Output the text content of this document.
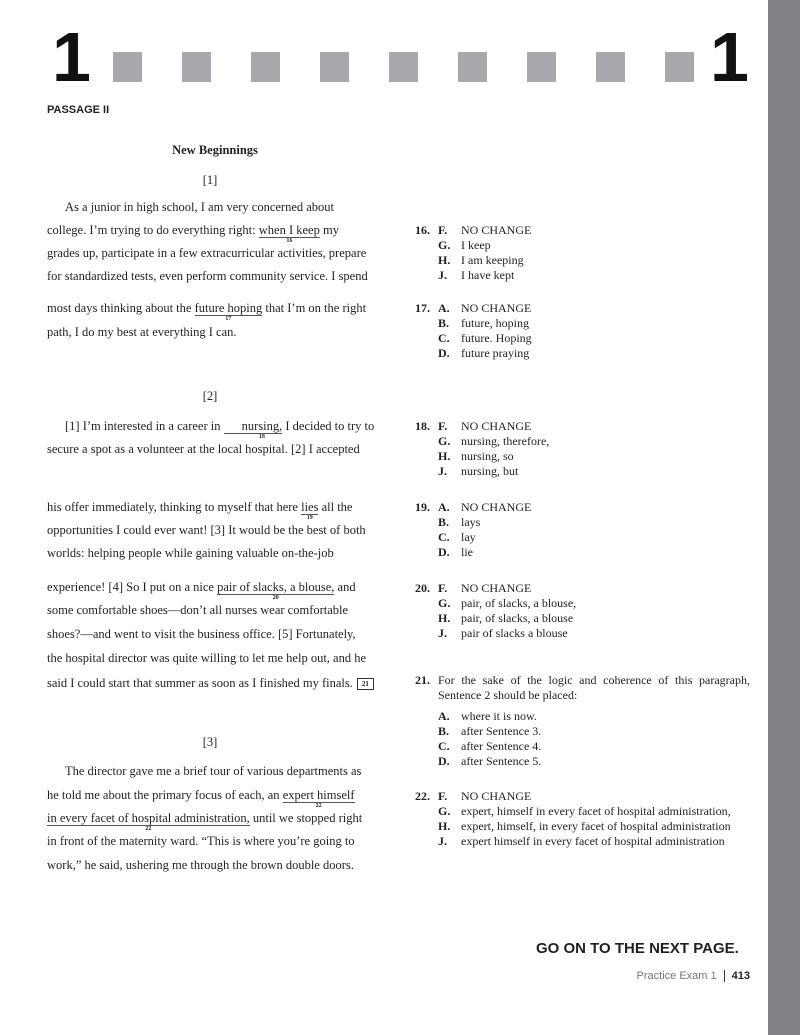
1	1
PASSAGE II
New Beginnings
[1]
[2]
[3]
As a junior in high school, I am very concerned about
college. I’m trying to do everything right: when I keep
16
my
grades up, participate in a few extracurricular activities, prepare
for standardized tests, even perform community service. I spend
most days thinking about the future hoping
17
that I’m on the right
path, I do my best at everything I can.
[1] I’m interested in a career in nursing,
18
I decided to try to
secure a spot as a volunteer at the local hospital. [2] I accepted
his offer immediately, thinking to myself that here lies
19
all the
opportunities I could ever want! [3] It would be the best of both
worlds: helping people while gaining valuable on-the-job
experience! [4] So I put on a nice pair of slacks, a blouse,
20
and
some comfortable shoes—don’t all nurses wear comfortable
shoes?—and went to visit the business office. [5] Fortunately,
the hospital director was quite willing to let me help out, and he
said I could start that summer as soon as I finished my finals. 21
The director gave me a brief tour of various departments as
he told me about the primary focus of each, an expert himself
22
in every facet of hospital administration,
22
until we stopped right
in front of the maternity ward. “This is where you’re going to
work,” he said, ushering me through the brown double doors.
16. F. NO CHANGE
G. I keep
H. I am keeping
J. I have kept
17. A. NO CHANGE
B. future, hoping
C. future. Hoping
D. future praying
18. F. NO CHANGE
G. nursing, therefore,
H. nursing, so
J. nursing, but
19. A. NO CHANGE
B. lays
C. lay
D. lie
20. F. NO CHANGE
G. pair, of slacks, a blouse,
H. pair, of slacks, a blouse
J. pair of slacks a blouse
21. For the sake of the logic and coherence of this paragraph,
Sentence 2 should be placed:
A. where it is now.
B. after Sentence 3.
C. after Sentence 4.
D. after Sentence 5.
22. F. NO CHANGE
G. expert, himself in every facet of hospital administration,
H. expert, himself, in every facet of hospital administration
J. expert himself in every facet of hospital administration
GO ON TO THE NEXT PAGE.
Practice Exam 1	413
